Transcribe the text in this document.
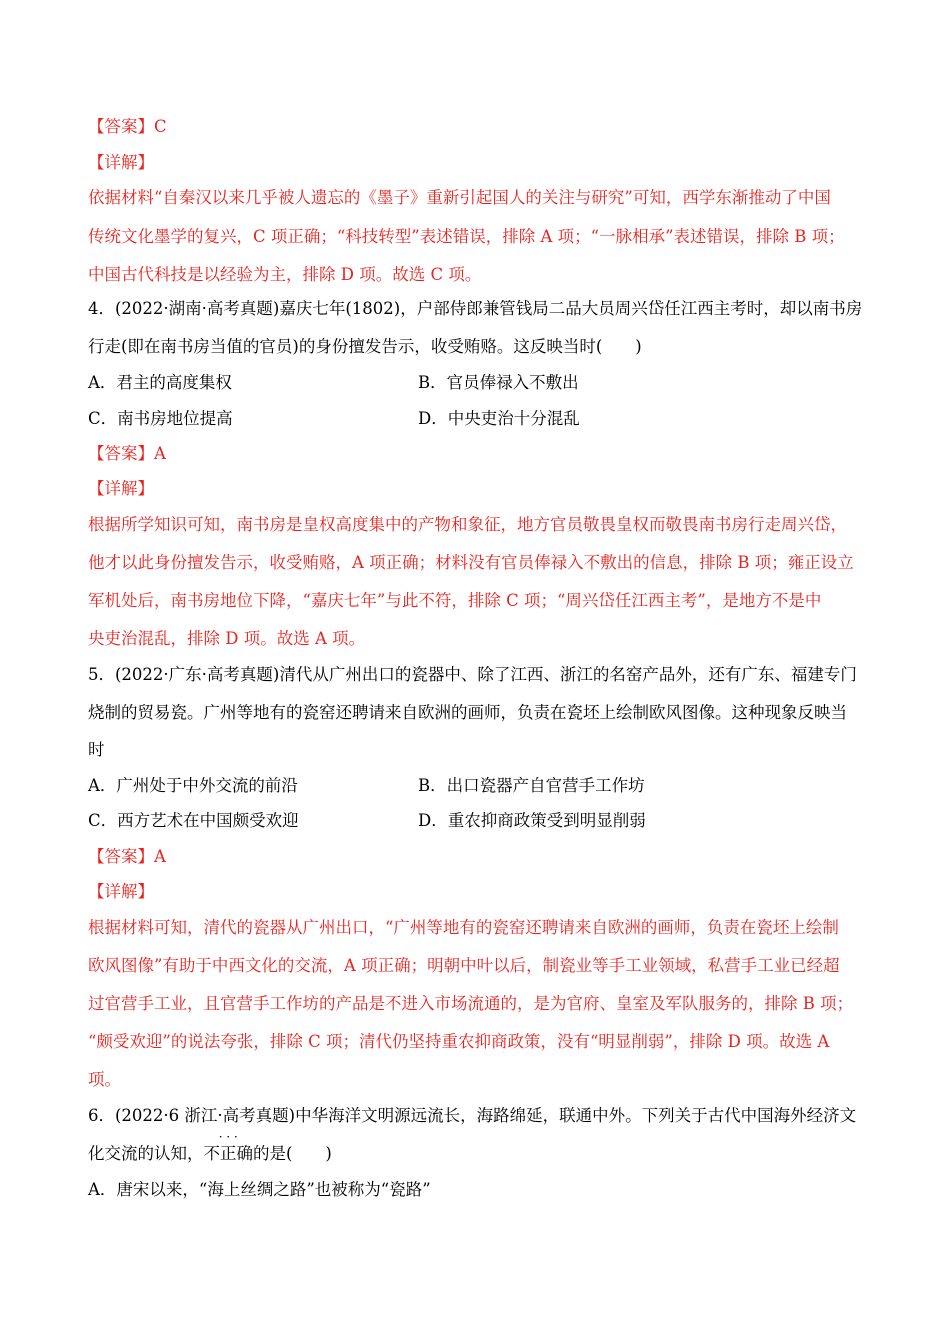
【答案】C
【详解】
依据材料“自秦汉以来几乎被人遗忘的《墨子》重新引起国人的关注与研究”可知，西学东渐推动了中国
传统文化墨学的复兴，C 项正确；“科技转型”表述错误，排除 A 项；“一脉相承”表述错误，排除 B 项；
中国古代科技是以经验为主，排除 D 项。故选 C 项。
4．(2022·湖南·高考真题)嘉庆七年(1802)，户部侍郎兼管钱局二品大员周兴岱任江西主考时，却以南书房
行走(即在南书房当值的官员)的身份擅发告示，收受贿赂。这反映当时(　　)
A．君主的高度集权	B．官员俸禄入不敷出
C．南书房地位提高	D．中央吏治十分混乱
【答案】A
【详解】
根据所学知识可知，南书房是皇权高度集中的产物和象征，地方官员敬畏皇权而敬畏南书房行走周兴岱，
他才以此身份擅发告示，收受贿赂，A 项正确；材料没有官员俸禄入不敷出的信息，排除 B 项；雍正设立
军机处后，南书房地位下降，“嘉庆七年”与此不符，排除 C 项；“周兴岱任江西主考”，是地方不是中
央吏治混乱，排除 D 项。故选 A 项。
5．(2022·广东·高考真题)清代从广州出口的瓷器中、除了江西、浙江的名窑产品外，还有广东、福建专门
烧制的贸易瓷。广州等地有的瓷窑还聘请来自欧洲的画师，负责在瓷坯上绘制欧风图像。这种现象反映当
时
A．广州处于中外交流的前沿	B．出口瓷器产自官营手工作坊
C．西方艺术在中国颇受欢迎	D．重农抑商政策受到明显削弱
【答案】A
【详解】
根据材料可知，清代的瓷器从广州出口，“广州等地有的瓷窑还聘请来自欧洲的画师，负责在瓷坯上绘制
欧风图像”有助于中西文化的交流，A 项正确；明朝中叶以后，制瓷业等手工业领域，私营手工业已经超
过官营手工业，且官营手工作坊的产品是不进入市场流通的，是为官府、皇室及军队服务的，排除 B 项；
“颇受欢迎”的说法夸张，排除 C 项；清代仍坚持重农抑商政策，没有“明显削弱”，排除 D 项。故选 A
项。
6．(2022·6 浙江·高考真题)中华海洋文明源远流长，海路绵延，联通中外。下列关于古代中国海外经济文
化交流的认知，
· · ·
不正确的是(　　)
A．唐宋以来，“海上丝绸之路”也被称为“瓷路”
